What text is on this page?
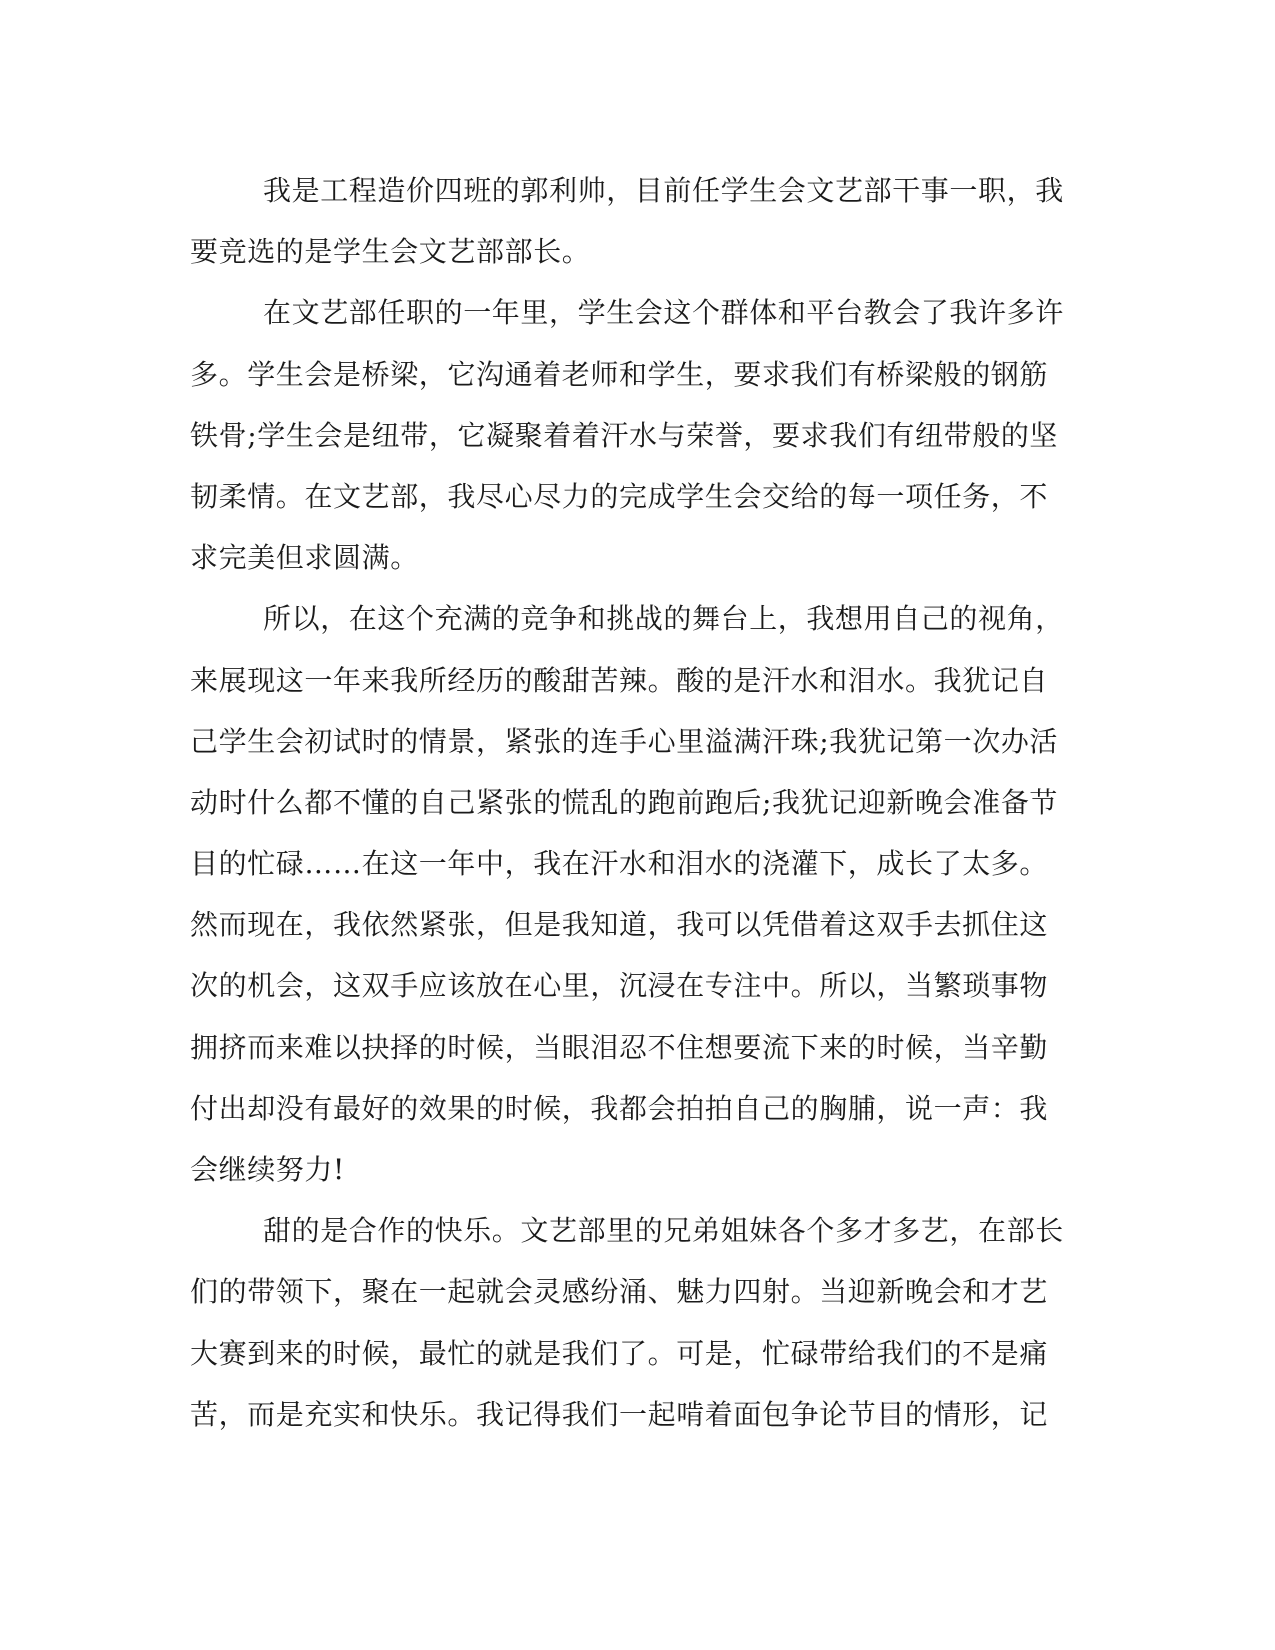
我是工程造价四班的郭利帅，目前任学生会文艺部干事一职，我
要竞选的是学生会文艺部部长。
在文艺部任职的一年里，学生会这个群体和平台教会了我许多许
多。学生会是桥梁，它沟通着老师和学生，要求我们有桥梁般的钢筋
铁骨;学生会是纽带，它凝聚着着汗水与荣誉，要求我们有纽带般的坚
韧柔情。在文艺部，我尽心尽力的完成学生会交给的每一项任务，不
求完美但求圆满。
所以，在这个充满的竞争和挑战的舞台上，我想用自己的视角，
来展现这一年来我所经历的酸甜苦辣。酸的是汗水和泪水。我犹记自
己学生会初试时的情景，紧张的连手心里溢满汗珠;我犹记第一次办活
动时什么都不懂的自己紧张的慌乱的跑前跑后;我犹记迎新晚会准备节
目的忙碌……在这一年中，我在汗水和泪水的浇灌下，成长了太多。
然而现在，我依然紧张，但是我知道，我可以凭借着这双手去抓住这
次的机会，这双手应该放在心里，沉浸在专注中。所以，当繁琐事物
拥挤而来难以抉择的时候，当眼泪忍不住想要流下来的时候，当辛勤
付出却没有最好的效果的时候，我都会拍拍自己的胸脯，说一声：我
会继续努力!
甜的是合作的快乐。文艺部里的兄弟姐妹各个多才多艺，在部长
们的带领下，聚在一起就会灵感纷涌、魅力四射。当迎新晚会和才艺
大赛到来的时候，最忙的就是我们了。可是，忙碌带给我们的不是痛
苦，而是充实和快乐。我记得我们一起啃着面包争论节目的情形，记
